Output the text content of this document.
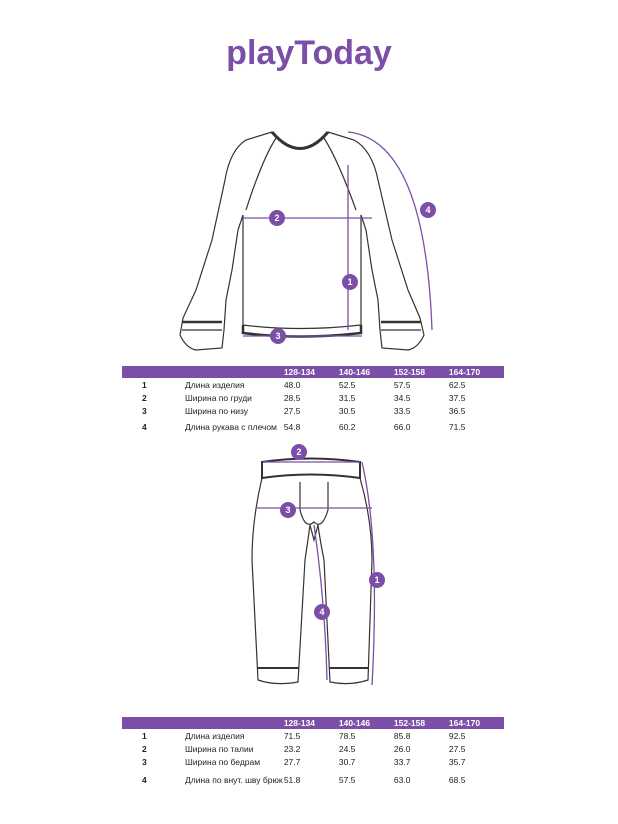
playToday
1
2
3
4
		128-134	140-146	152-158	164-170
1	Длина изделия	48.0	52.5	57.5	62.5
2	Ширина по груди	28.5	31.5	34.5	37.5
3	Ширина по низу	27.5	30.5	33.5	36.5
4	Длина рукава с плечом	54.8	60.2	66.0	71.5
1
2
3
4
		128-134	140-146	152-158	164-170
1	Длина изделия	71.5	78.5	85.8	92.5
2	Ширина по талии	23.2	24.5	26.0	27.5
3	Ширина по бедрам	27.7	30.7	33.7	35.7
4	Длина по внут. шву брюк	51.8	57.5	63.0	68.5
